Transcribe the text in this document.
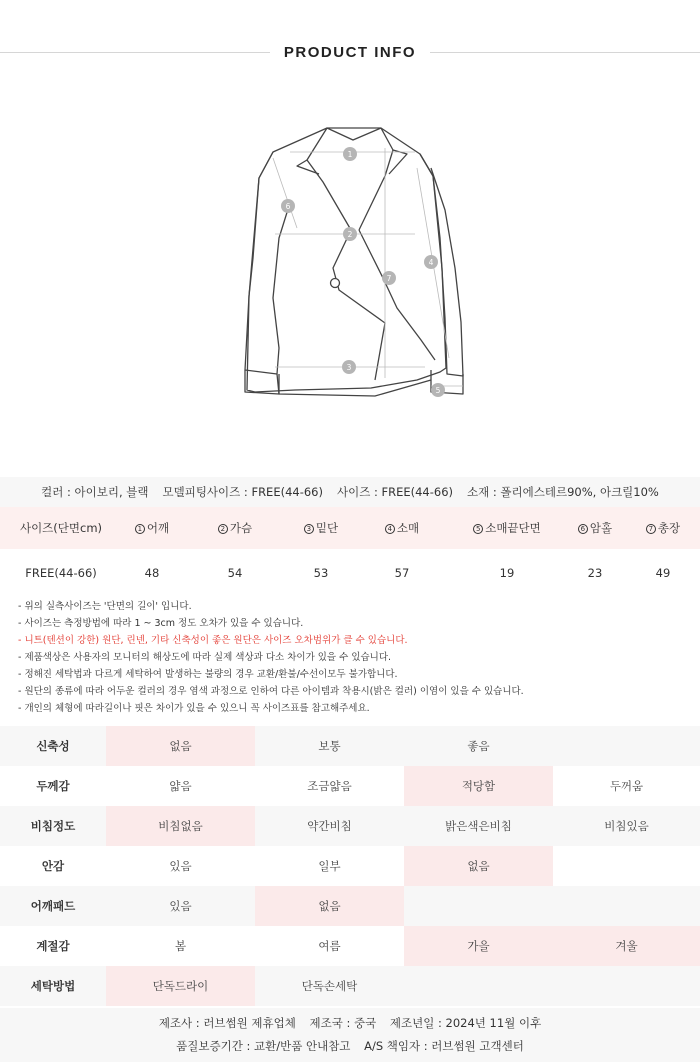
PRODUCT INFO
1
2
3
4
5
6
7
컬러 : 아이보리, 블랙 모델피팅사이즈 : FREE(44-66) 사이즈 : FREE(44-66) 소재 : 폴리에스테르90%, 아크릴10%
사이즈(단면cm)	1 어깨	2 가슴	3 밑단	4 소매	5 소매끝단면	6 암홀	7 총장
FREE(44-66)	48	54	53	57	19	23	49

- 위의 실측사이즈는 '단면의 길이' 입니다.

- 사이즈는 측정방법에 따라 1 ~ 3cm 정도 오차가 있을 수 있습니다.

- 니트(텐션이 강한) 원단, 린넨, 기타 신축성이 좋은 원단은 사이즈 오차범위가 클 수 있습니다.

- 제품색상은 사용자의 모니터의 해상도에 따라 실제 색상과 다소 차이가 있을 수 있습니다.

- 정해진 세탁법과 다르게 세탁하여 발생하는 불량의 경우 교환/환불/수선이모두 불가합니다.

- 원단의 종류에 따라 어두운 컬러의 경우 염색 과정으로 인하여 다른 아이템과 착용시(밝은 컬러) 이염이 있을 수 있습니다.

- 개인의 체형에 따라길이나 핏은 차이가 있을 수 있으니 꼭 사이즈표를 참고해주세요.

신축성	없음	보통	좋음
두께감	얇음	조금얇음	적당함	두꺼움
비침정도	비침없음	약간비침	밝은색은비침	비침있음
안감	있음	일부	없음
어깨패드	있음	없음
계절감	봄	여름	가을	겨울
세탁방법	단독드라이	단독손세탁
제조사 : 러브썸원 제휴업체 제조국 : 중국 제조년일 : 2024년 11월 이후
품질보증기간 : 교환/반품 안내참고 A/S 책임자 : 러브썸원 고객센터
